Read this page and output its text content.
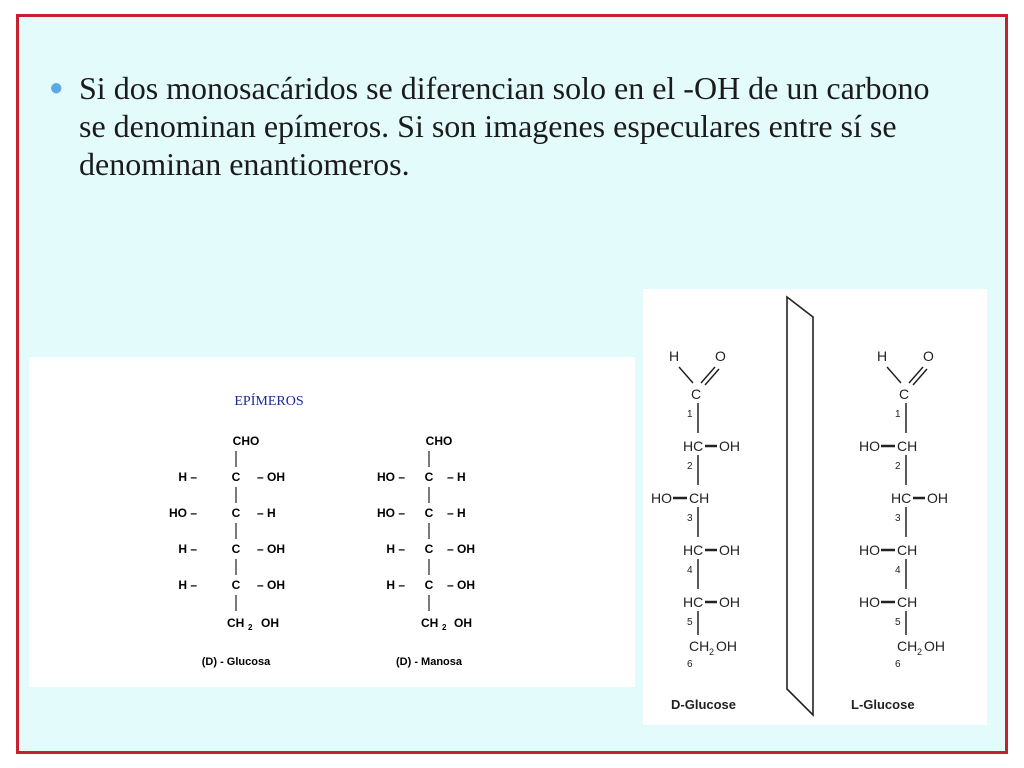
● Si dos monosacáridos se diferencian solo en el -OH de un carbono se denominan epímeros. Si son imagenes especulares entre sí se denominan enantiomeros.

EPÍMEROS
CHO
H –	C – OH
HO –	C – H
H –	C – OH
H –	C – OH
CH 2 OH
(D) - Glucosa
CHO
HO – C – H
HO – C – H
H – C – OH
H – C – OH
CH 2 OH
(D) - Manosa
H	O
C
1
HC OH
2
HO CH
3
HC OH
4
HC OH
5
CH 2 OH
6
D-Glucose
H	O
C
1
HO CH
2
HC OH
3
HO CH
4
HO CH
5
CH 2 OH
6
L-Glucose
